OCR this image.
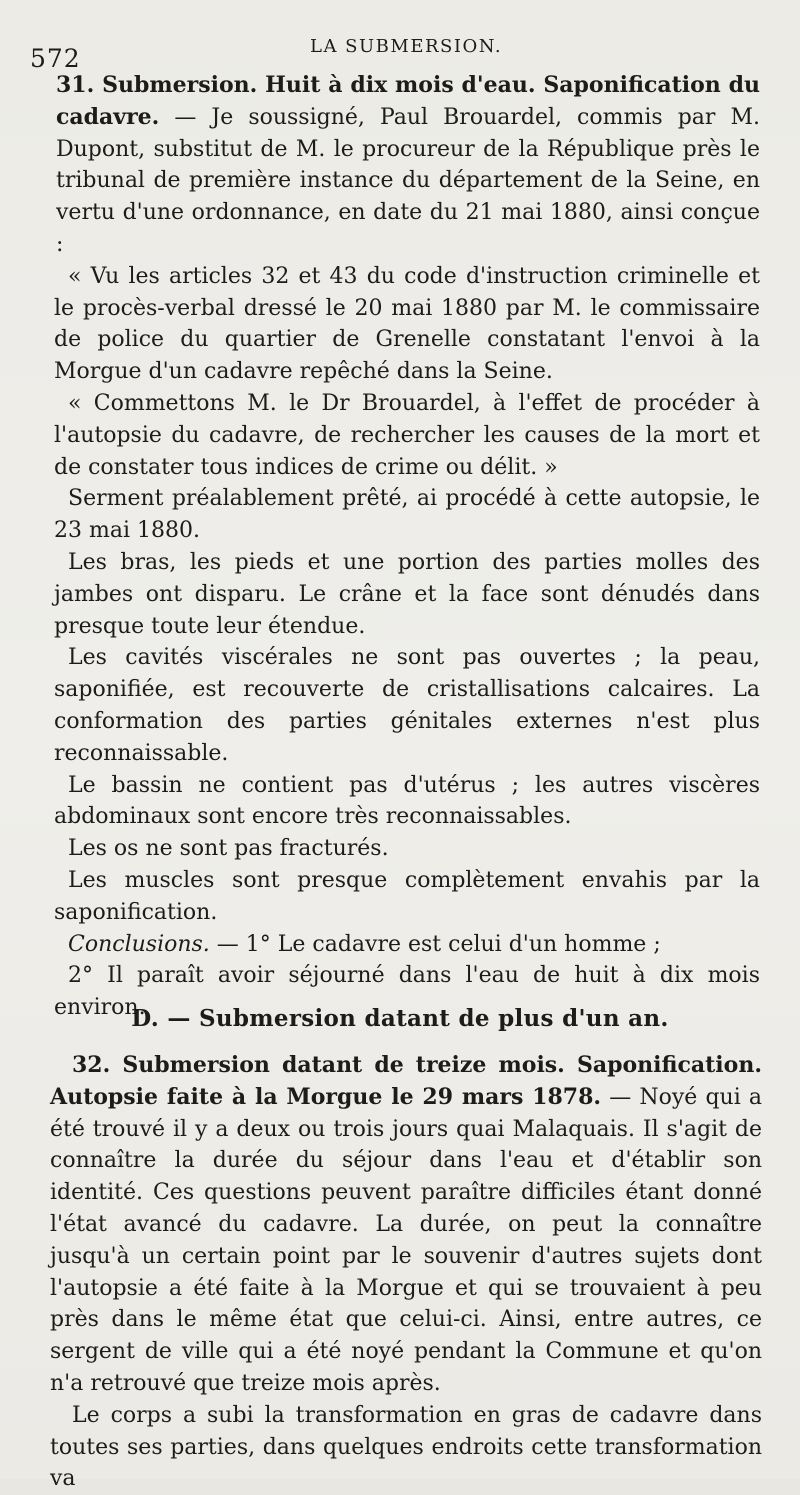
572	LA SUBMERSION.

31. Submersion. Huit à dix mois d'eau. Saponification du cadavre. — Je soussigné, Paul Brouardel, commis par M. Dupont, substitut de M. le procureur de la République près le tribunal de première instance du département de la Seine, en vertu d'une ordonnance, en date du 21 mai 1880, ainsi conçue :

« Vu les articles 32 et 43 du code d'instruction criminelle et le procès-verbal dressé le 20 mai 1880 par M. le commissaire de police du quartier de Grenelle constatant l'envoi à la Morgue d'un cadavre repêché dans la Seine.

« Commettons M. le Dr Brouardel, à l'effet de procéder à l'autopsie du cadavre, de rechercher les causes de la mort et de constater tous indices de crime ou délit. »

Serment préalablement prêté, ai procédé à cette autopsie, le 23 mai 1880.

Les bras, les pieds et une portion des parties molles des jambes ont disparu. Le crâne et la face sont dénudés dans presque toute leur étendue.

Les cavités viscérales ne sont pas ouvertes ; la peau, saponifiée, est recouverte de cristallisations calcaires. La conformation des parties génitales externes n'est plus reconnaissable.

Le bassin ne contient pas d'utérus ; les autres viscères abdominaux sont encore très reconnaissables.

Les os ne sont pas fracturés.

Les muscles sont presque complètement envahis par la saponification.

Conclusions. — 1° Le cadavre est celui d'un homme ;

2° Il paraît avoir séjourné dans l'eau de huit à dix mois environ.

D. — Submersion datant de plus d'un an.

32. Submersion datant de treize mois. Saponification. Autopsie faite à la Morgue le 29 mars 1878. — Noyé qui a été trouvé il y a deux ou trois jours quai Malaquais. Il s'agit de connaître la durée du séjour dans l'eau et d'établir son identité. Ces questions peuvent paraître difficiles étant donné l'état avancé du cadavre. La durée, on peut la connaître jusqu'à un certain point par le souvenir d'autres sujets dont l'autopsie a été faite à la Morgue et qui se trouvaient à peu près dans le même état que celui-ci. Ainsi, entre autres, ce sergent de ville qui a été noyé pendant la Commune et qu'on n'a retrouvé que treize mois après.

Le corps a subi la transformation en gras de cadavre dans toutes ses parties, dans quelques endroits cette transformation va
